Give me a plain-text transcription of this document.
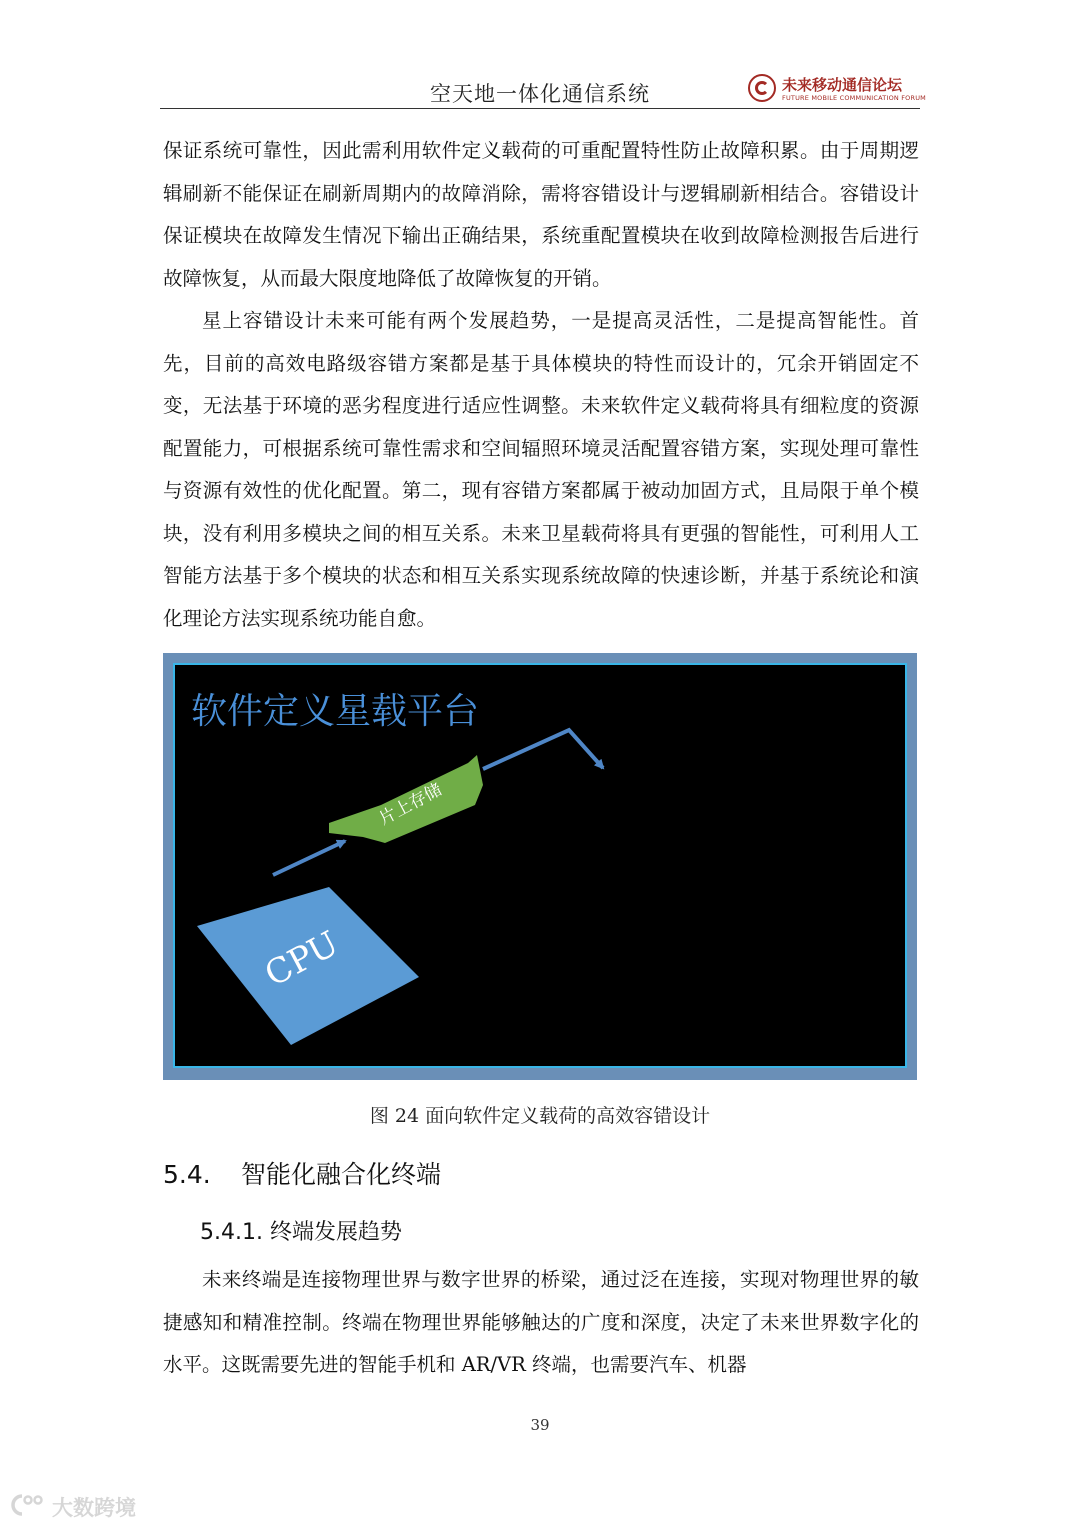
空天地一体化通信系统	未来移动通信论坛
FUTURE MOBILE COMMUNICATION FORUM

保证系统可靠性，因此需利用软件定义载荷的可重配置特性防止故障积累。由于周期逻辑刷新不能保证在刷新周期内的故障消除，需将容错设计与逻辑刷新相结合。容错设计保证模块在故障发生情况下输出正确结果，系统重配置模块在收到故障检测报告后进行故障恢复，从而最大限度地降低了故障恢复的开销。

星上容错设计未来可能有两个发展趋势，一是提高灵活性，二是提高智能性。首先，目前的高效电路级容错方案都是基于具体模块的特性而设计的，冗余开销固定不变，无法基于环境的恶劣程度进行适应性调整。未来软件定义载荷将具有细粒度的资源配置能力，可根据系统可靠性需求和空间辐照环境灵活配置容错方案，实现处理可靠性与资源有效性的优化配置。第二，现有容错方案都属于被动加固方式，且局限于单个模块，没有利用多模块之间的相互关系。未来卫星载荷将具有更强的智能性，可利用人工智能方法基于多个模块的状态和相互关系实现系统故障的快速诊断，并基于系统论和演化理论方法实现系统功能自愈。

软件定义星载平台
CPU
片上存储
图 24 面向软件定义载荷的高效容错设计
5.4. 智能化融合化终端
5.4.1. 终端发展趋势

未来终端是连接物理世界与数字世界的桥梁，通过泛在连接，实现对物理世界的敏捷感知和精准控制。终端在物理世界能够触达的广度和深度，决定了未来世界数字化的水平。这既需要先进的智能手机和 AR/VR 终端，也需要汽车、机器

39
大数跨境
